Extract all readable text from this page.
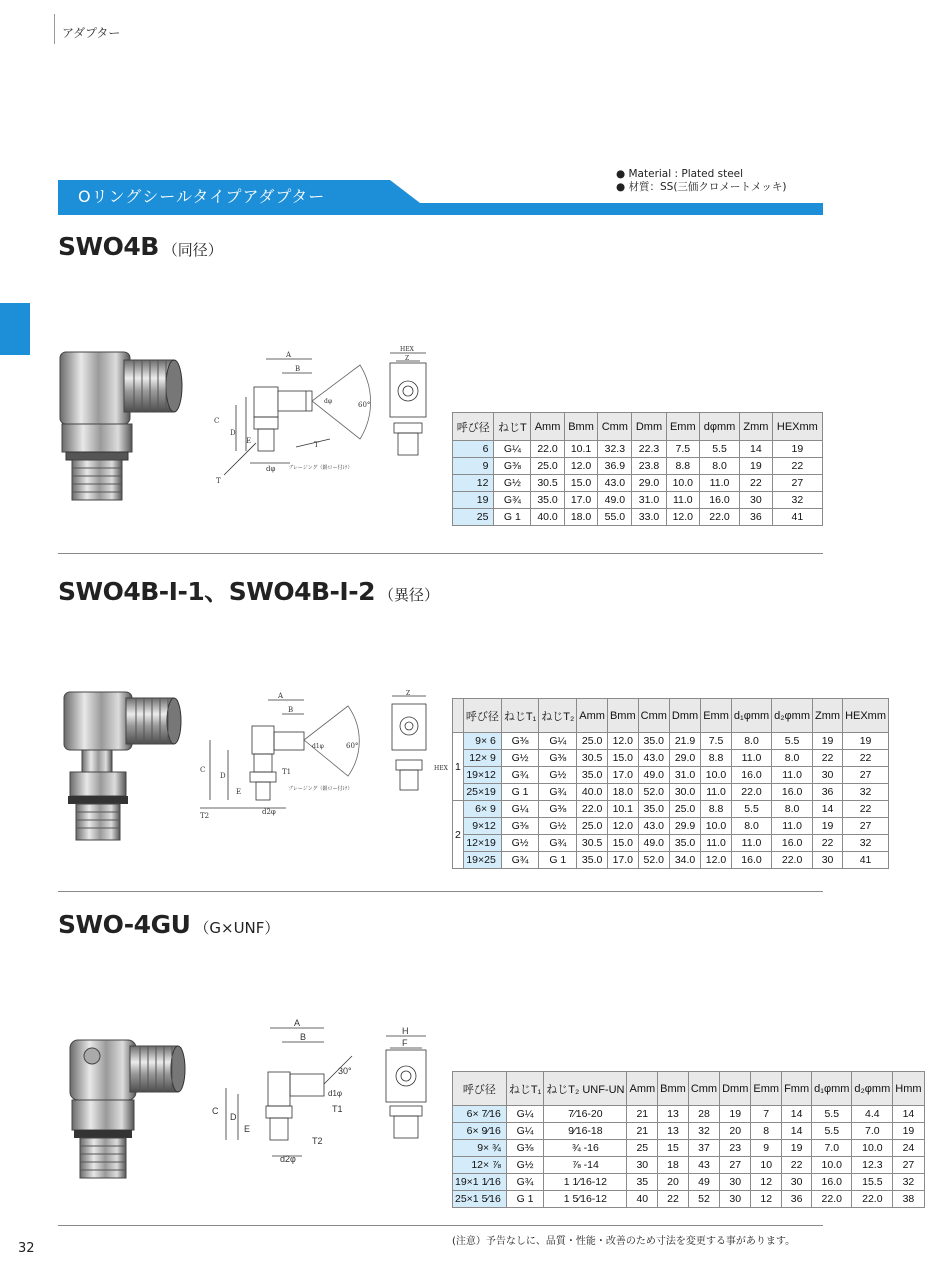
アダプター
Oリングシールタイプアダプター
● Material : Plated steel
● 材質：SS(三価クロメートメッキ)
SWO4B （同径）
A
B
C
D
E
T
T
dφ
dφ	60°
ブレージング（銀ロー付け）
HEX
Z
呼び径	ねじT	Amm	Bmm	Cmm	Dmm	Emm	dφmm	Zmm	HEXmm
6	G¼	22.0	10.1	32.3	22.3	7.5	5.5	14	19
9	G⅜	25.0	12.0	36.9	23.8	8.8	8.0	19	22
12	G½	30.5	15.0	43.0	29.0	10.0	11.0	22	27
19	G¾	35.0	17.0	49.0	31.0	11.0	16.0	30	32
25	G 1	40.0	18.0	55.0	33.0	12.0	22.0	36	41
SWO4B-Ⅰ-1、SWO4B-Ⅰ-2 （異径）
A
B
C
D
E
T1
T2
d1φ
d2φ
60°
ブレージング（銀ロー付け）
Z
HEX
	呼び径	ねじT₁	ねじT₂	Amm	Bmm	Cmm	Dmm	Emm	d₁φmm	d₂φmm	Zmm	HEXmm
1	9× 6	G⅜	G¼	25.0	12.0	35.0	21.9	7.5	8.0	5.5	19	19
	12× 9	G½	G⅜	30.5	15.0	43.0	29.0	8.8	11.0	8.0	22	22
	19×12	G¾	G½	35.0	17.0	49.0	31.0	10.0	16.0	11.0	30	27
	25×19	G 1	G¾	40.0	18.0	52.0	30.0	11.0	22.0	16.0	36	32
2	6× 9	G¼	G⅜	22.0	10.1	35.0	25.0	8.8	5.5	8.0	14	22
	9×12	G⅜	G½	25.0	12.0	43.0	29.9	10.0	8.0	11.0	19	27
	12×19	G½	G¾	30.5	15.0	49.0	35.0	11.0	11.0	16.0	22	32
	19×25	G¾	G 1	35.0	17.0	52.0	34.0	12.0	16.0	22.0	30	41
SWO-4GU （G×UNF）
A
B
C
D
E
T1
T2
d1φ
d2φ
30°
H
F
呼び径	ねじT₁	ねじT₂ UNF-UN	Amm	Bmm	Cmm	Dmm	Emm	Fmm	d₁φmm	d₂φmm	Hmm
6× 7⁄16	G¼	7⁄16-20	21	13	28	19	7	14	5.5	4.4	14
6× 9⁄16	G¼	9⁄16-18	21	13	32	20	8	14	5.5	7.0	19
9× ¾	G⅜	¾ -16	25	15	37	23	9	19	7.0	10.0	24
12× ⅞	G½	⅞ -14	30	18	43	27	10	22	10.0	12.3	27
19×1 1⁄16	G¾	1 1⁄16-12	35	20	49	30	12	30	16.0	15.5	32
25×1 5⁄16	G 1	1 5⁄16-12	40	22	52	30	12	36	22.0	22.0	38
(注意）予告なしに、品質・性能・改善のため寸法を変更する事があります。
32
